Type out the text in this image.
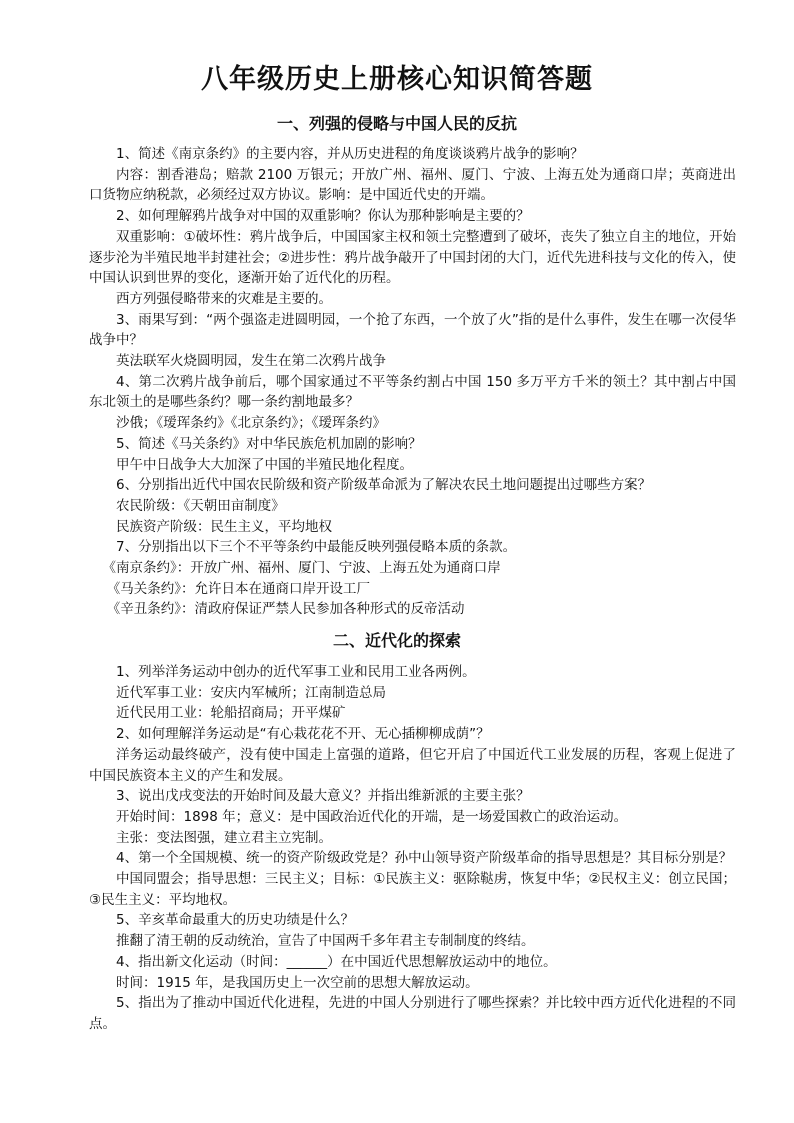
八年级历史上册核心知识简答题
一、列强的侵略与中国人民的反抗

1、简述《南京条约》的主要内容，并从历史进程的角度谈谈鸦片战争的影响？

内容：割香港岛；赔款 2100 万银元；开放广州、福州、厦门、宁波、上海五处为通商口岸；英商进出口货物应纳税款，必须经过双方协议。影响：是中国近代史的开端。

2、如何理解鸦片战争对中国的双重影响？你认为那种影响是主要的？

双重影响：①破坏性：鸦片战争后，中国国家主权和领土完整遭到了破坏，丧失了独立自主的地位，开始逐步沦为半殖民地半封建社会；②进步性：鸦片战争敲开了中国封闭的大门，近代先进科技与文化的传入，使中国认识到世界的变化，逐渐开始了近代化的历程。

西方列强侵略带来的灾难是主要的。

3、雨果写到：“两个强盗走进圆明园，一个抢了东西，一个放了火”指的是什么事件，发生在哪一次侵华战争中？

英法联军火烧圆明园，发生在第二次鸦片战争

4、第二次鸦片战争前后，哪个国家通过不平等条约割占中国 150 多万平方千米的领土？其中割占中国东北领土的是哪些条约？哪一条约割地最多？

沙俄；《瑷珲条约》《北京条约》；《瑷珲条约》

5、简述《马关条约》对中华民族危机加剧的影响？

甲午中日战争大大加深了中国的半殖民地化程度。

6、分别指出近代中国农民阶级和资产阶级革命派为了解决农民土地问题提出过哪些方案？

农民阶级：《天朝田亩制度》

民族资产阶级：民生主义，平均地权

7、分别指出以下三个不平等条约中最能反映列强侵略本质的条款。

《南京条约》：开放广州、福州、厦门、宁波、上海五处为通商口岸

《马关条约》：允许日本在通商口岸开设工厂

《辛丑条约》：清政府保证严禁人民参加各种形式的反帝活动

二、近代化的探索

1、列举洋务运动中创办的近代军事工业和民用工业各两例。

近代军事工业：安庆内军械所；江南制造总局

近代民用工业：轮船招商局；开平煤矿

2、如何理解洋务运动是“有心栽花花不开、无心插柳柳成荫”？

洋务运动最终破产，没有使中国走上富强的道路，但它开启了中国近代工业发展的历程，客观上促进了中国民族资本主义的产生和发展。

3、说出戊戌变法的开始时间及最大意义？并指出维新派的主要主张？

开始时间：1898 年；意义：是中国政治近代化的开端，是一场爱国救亡的政治运动。

主张：变法图强，建立君主立宪制。

4、第一个全国规模、统一的资产阶级政党是？孙中山领导资产阶级革命的指导思想是？其目标分别是？

中国同盟会；指导思想：三民主义；目标：①民族主义：驱除鞑虏，恢复中华；②民权主义：创立民国；③民生主义：平均地权。

5、辛亥革命最重大的历史功绩是什么？

推翻了清王朝的反动统治，宣告了中国两千多年君主专制制度的终结。

4、指出新文化运动（时间：______）在中国近代思想解放运动中的地位。

时间：1915 年，是我国历史上一次空前的思想大解放运动。

5、指出为了推动中国近代化进程，先进的中国人分别进行了哪些探索？并比较中西方近代化进程的不同点。
